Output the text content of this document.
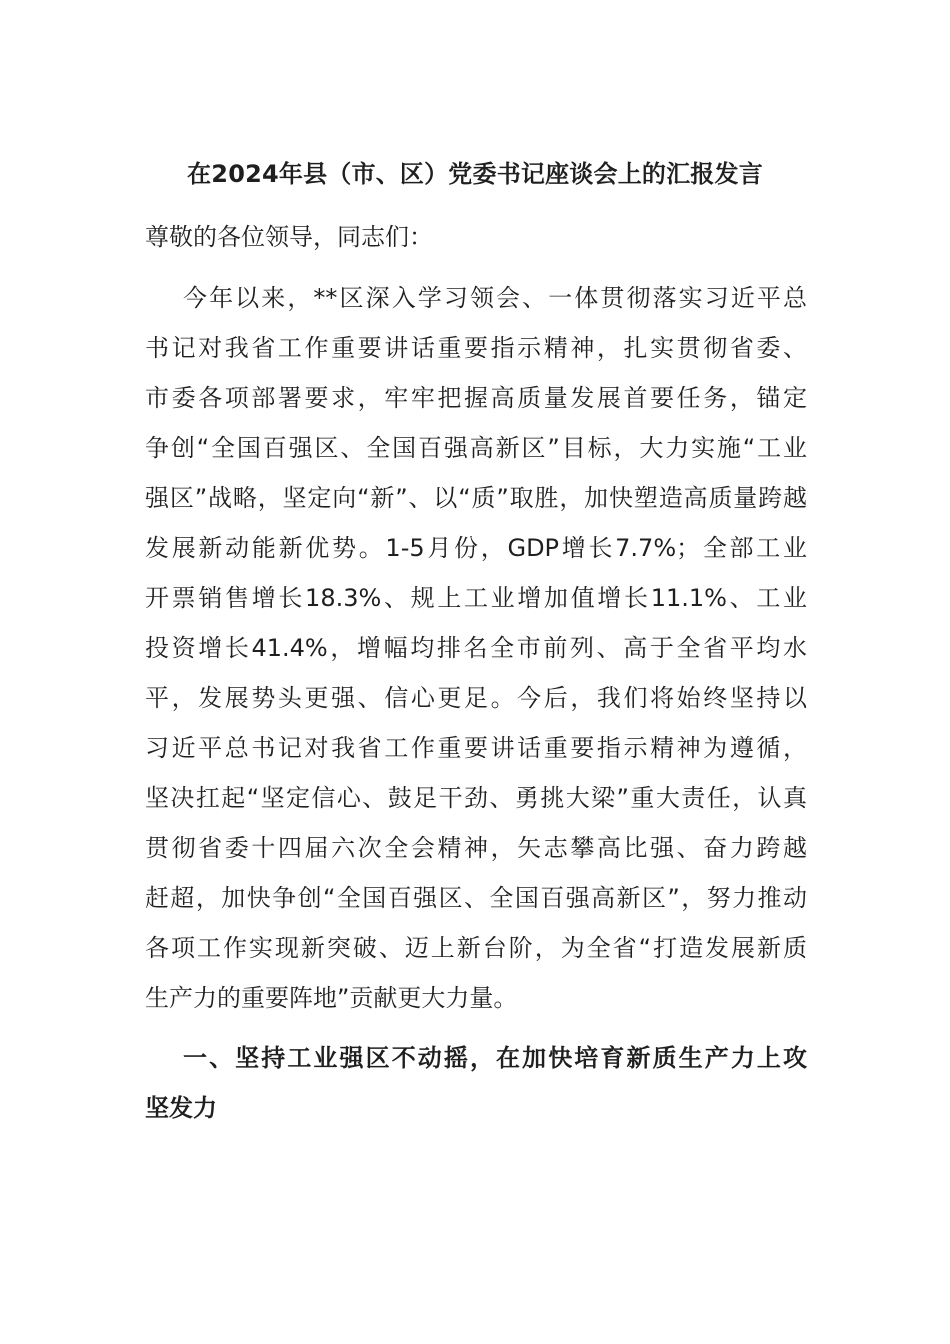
在2024年县（市、区）党委书记座谈会上的汇报发言
尊敬的各位领导，同志们：
今年以来，**区深入学习领会、一体贯彻落实习近平总
书记对我省工作重要讲话重要指示精神，扎实贯彻省委、
市委各项部署要求，牢牢把握高质量发展首要任务，锚定
争创“全国百强区、全国百强高新区”目标，大力实施“工业
强区”战略，坚定向“新”、以“质”取胜，加快塑造高质量跨越
发展新动能新优势。1-5月份，GDP增长7.7%；全部工业
开票销售增长18.3%、规上工业增加值增长11.1%、工业
投资增长41.4%，增幅均排名全市前列、高于全省平均水
平，发展势头更强、信心更足。今后，我们将始终坚持以
习近平总书记对我省工作重要讲话重要指示精神为遵循，
坚决扛起“坚定信心、鼓足干劲、勇挑大梁”重大责任，认真
贯彻省委十四届六次全会精神，矢志攀高比强、奋力跨越
赶超，加快争创“全国百强区、全国百强高新区”，努力推动
各项工作实现新突破、迈上新台阶，为全省“打造发展新质
生产力的重要阵地”贡献更大力量。
一、坚持工业强区不动摇，在加快培育新质生产力上攻
坚发力
